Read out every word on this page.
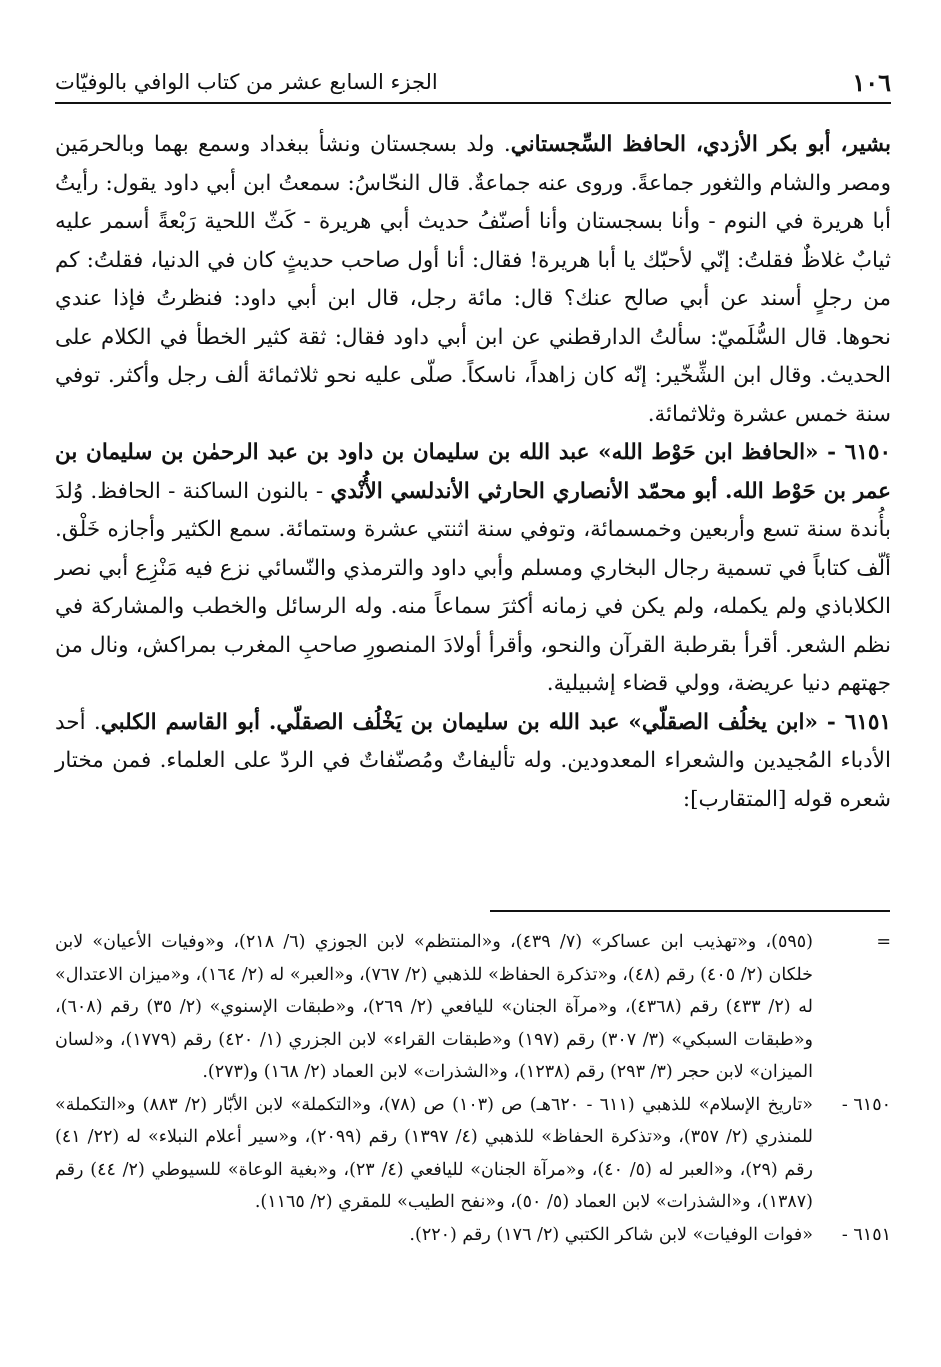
١٠٦
الجزء السابع عشر من كتاب الوافي بالوفيّات

بشير، أبو بكر الأزدي، الحافظ السِّجستاني. ولد بسجستان ونشأ ببغداد وسمع بهما وبالحرمَين ومصر والشام والثغور جماعةً. وروى عنه جماعةٌ. قال النحّاسُ: سمعتُ ابن أبي داود يقول: رأيتُ أبا هريرة في النوم - وأنا بسجستان وأنا أصنّفُ حديث أبي هريرة - كَثّ اللحية رَبْعةً أسمر عليه ثيابٌ غلاظٌ فقلتُ: إنّي لأحبّك يا أبا هريرة! فقال: أنا أول صاحب حديثٍ كان في الدنيا، فقلتُ: كم من رجلٍ أسند عن أبي صالح عنك؟ قال: مائة رجل، قال ابن أبي داود: فنظرتُ فإذا عندي نحوها. قال السُّلَميّ: سألتُ الدارقطني عن ابن أبي داود فقال: ثقة كثير الخطأ في الكلام على الحديث. وقال ابن الشِّخّير: إنّه كان زاهداً، ناسكاً. صلّى عليه نحو ثلاثمائة ألف رجل وأكثر. توفي سنة خمس عشرة وثلاثمائة.

٦١٥٠ - «الحافظ ابن حَوْط الله» عبد الله بن سليمان بن داود بن عبد الرحمٰن بن سليمان بن عمر بن حَوْط الله. أبو محمّد الأنصاري الحارثي الأندلسي الأُنْدي - بالنون الساكنة - الحافظ. وُلدَ بأُندة سنة تسع وأربعين وخمسمائة، وتوفي سنة اثنتي عشرة وستمائة. سمع الكثير وأجازه خَلْق. ألّف كتاباً في تسمية رجال البخاري ومسلم وأبي داود والترمذي والنّسائي نزع فيه مَنْزِع أبي نصر الكلاباذي ولم يكمله، ولم يكن في زمانه أكثرَ سماعاً منه. وله الرسائل والخطب والمشاركة في نظم الشعر. أقرأ بقرطبة القرآن والنحو، وأقرأ أولادَ المنصورِ صاحبِ المغرب بمراكش، ونال من جهتهم دنيا عريضة، وولي قضاء إشبيلية.

٦١٥١ - «ابن يخلُف الصقلّي» عبد الله بن سليمان بن يَخْلُف الصقلّي. أبو القاسم الكلبي. أحد الأدباء المُجيدين والشعراء المعدودين. وله تأليفاتٌ ومُصنّفاتٌ في الردّ على العلماء. فمن مختار شعره قوله [المتقارب]:

=
(٥٩٥)، و«تهذيب ابن عساكر» (٧/ ٤٣٩)، و«المنتظم» لابن الجوزي (٦/ ٢١٨)، و«وفيات الأعيان» لابن خلكان (٢/ ٤٠٥) رقم (٤٨)، و«تذكرة الحفاظ» للذهبي (٢/ ٧٦٧)، و«العبر» له (٢/ ١٦٤)، و«ميزان الاعتدال» له (٢/ ٤٣٣) رقم (٤٣٦٨)، و«مرآة الجنان» لليافعي (٢/ ٢٦٩)، و«طبقات الإسنوي» (٢/ ٣٥) رقم (٦٠٨)، و«طبقات السبكي» (٣/ ٣٠٧) رقم (١٩٧) و«طبقات القراء» لابن الجزري (١/ ٤٢٠) رقم (١٧٧٩)، و«لسان الميزان» لابن حجر (٣/ ٢٩٣) رقم (١٢٣٨)، و«الشذرات» لابن العماد (٢/ ١٦٨) و(٢٧٣).
٦١٥٠ -
«تاريخ الإسلام» للذهبي (٦١١ - ٦٢٠هـ) ص (١٠٣) ص (٧٨)، و«التكملة» لابن الأبّار (٢/ ٨٨٣) و«التكملة» للمنذري (٢/ ٣٥٧)، و«تذكرة الحفاظ» للذهبي (٤/ ١٣٩٧) رقم (٢٠٩٩)، و«سير أعلام النبلاء» له (٢٢/ ٤١) رقم (٢٩)، و«العبر له (٥/ ٤٠)، و«مرآة الجنان» لليافعي (٤/ ٢٣)، و«بغية الوعاة» للسيوطي (٢/ ٤٤) رقم (١٣٨٧)، و«الشذرات» لابن العماد (٥/ ٥٠)، و«نفح الطيب» للمقري (٢/ ١١٦٥).
٦١٥١ -
«فوات الوفيات» لابن شاكر الكتبي (٢/ ١٧٦) رقم (٢٢٠).
